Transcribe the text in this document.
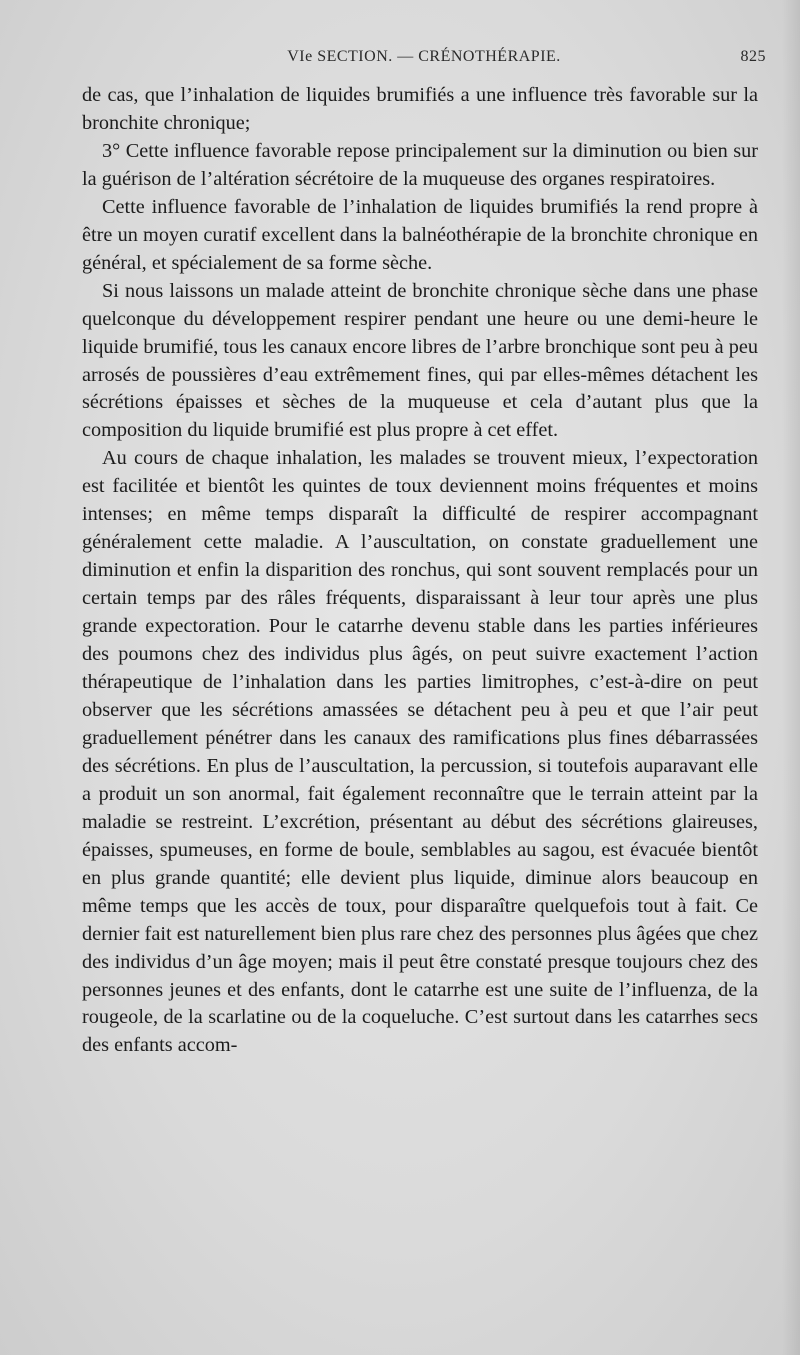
VIe SECTION. — CRÉNOTHÉRAPIE.	825

de cas, que l’inhalation de liquides brumifiés a une influence très favorable sur la bronchite chronique;

3° Cette influence favorable repose principalement sur la diminution ou bien sur la guérison de l’altération sécrétoire de la muqueuse des organes respiratoires.

Cette influence favorable de l’inhalation de liquides brumifiés la rend propre à être un moyen curatif excellent dans la balnéothérapie de la bronchite chronique en général, et spécialement de sa forme sèche.

Si nous laissons un malade atteint de bronchite chronique sèche dans une phase quelconque du développement respirer pendant une heure ou une demi-heure le liquide brumifié, tous les canaux encore libres de l’arbre bronchique sont peu à peu arrosés de poussières d’eau extrêmement fines, qui par elles-mêmes détachent les sécrétions épaisses et sèches de la muqueuse et cela d’autant plus que la composition du liquide brumifié est plus propre à cet effet.

Au cours de chaque inhalation, les malades se trouvent mieux, l’expectoration est facilitée et bientôt les quintes de toux deviennent moins fréquentes et moins intenses; en même temps disparaît la difficulté de respirer accompagnant généralement cette maladie. A l’auscultation, on constate graduellement une diminution et enfin la disparition des ronchus, qui sont souvent remplacés pour un certain temps par des râles fréquents, disparaissant à leur tour après une plus grande expectoration. Pour le catarrhe devenu stable dans les parties inférieures des poumons chez des individus plus âgés, on peut suivre exactement l’action thérapeutique de l’inhalation dans les parties limitrophes, c’est-à-dire on peut observer que les sécrétions amassées se détachent peu à peu et que l’air peut graduellement pénétrer dans les canaux des ramifications plus fines débarrassées des sécrétions. En plus de l’auscultation, la percussion, si toutefois auparavant elle a produit un son anormal, fait également reconnaître que le terrain atteint par la maladie se restreint. L’excrétion, présentant au début des sécrétions glaireuses, épaisses, spumeuses, en forme de boule, semblables au sagou, est évacuée bientôt en plus grande quantité; elle devient plus liquide, diminue alors beaucoup en même temps que les accès de toux, pour disparaître quelquefois tout à fait. Ce dernier fait est naturellement bien plus rare chez des personnes plus âgées que chez des individus d’un âge moyen; mais il peut être constaté presque toujours chez des personnes jeunes et des enfants, dont le catarrhe est une suite de l’influenza, de la rougeole, de la scarlatine ou de la coqueluche. C’est surtout dans les catarrhes secs des enfants accom-
